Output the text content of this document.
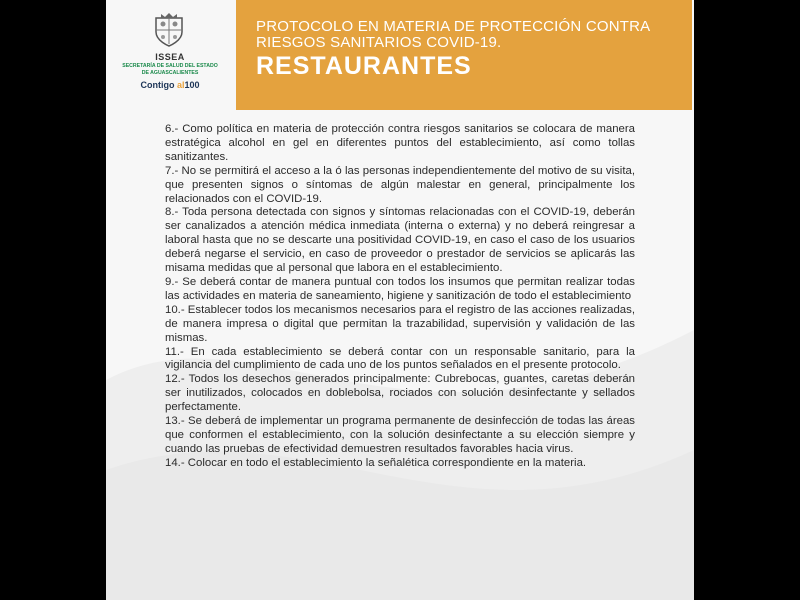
ISSEA
SECRETARÍA DE SALUD DEL ESTADO
DE AGUASCALIENTES
Contigo al100
PROTOCOLO EN MATERIA DE PROTECCIÓN CONTRA
RIESGOS SANITARIOS COVID-19.
RESTAURANTES

6.- Como política en materia de protección contra riesgos sanitarios se colocara de manera estratégica alcohol en gel en diferentes puntos del establecimiento, así como tollas sanitizantes.

7.- No se permitirá el acceso a la ó las personas independientemente del motivo de su visita, que presenten signos o síntomas de algún malestar en general, principalmente los relacionados con el COVID-19.

8.- Toda persona detectada con signos y síntomas relacionadas con el COVID-19, deberán ser canalizados a atención médica inmediata (interna o externa) y no deberá reingresar a laboral hasta que no se descarte una positividad COVID-19, en caso el caso de los usuarios deberá negarse el servicio, en caso de proveedor o prestador de servicios se aplicarás las misama medidas que al personal que labora en el establecimiento.

9.- Se deberá contar de manera puntual con todos los insumos que permitan realizar todas las actividades en materia de saneamiento, higiene y sanitización de todo el establecimiento

10.- Establecer todos los mecanismos necesarios para el registro de las acciones realizadas, de manera impresa o digital que permitan la trazabilidad, supervisión y validación de las mismas.

11.- En cada establecimiento se deberá contar con un responsable sanitario, para la vigilancia del cumplimiento de cada uno de los puntos señalados en el presente protocolo.

12.- Todos los desechos generados principalmente: Cubrebocas, guantes, caretas deberán ser inutilizados, colocados en doblebolsa, rociados con solución desinfectante y sellados perfectamente.

13.- Se deberá de implementar un programa permanente de desinfección de todas las áreas que conformen el establecimiento, con la solución desinfectante a su elección siempre y cuando las pruebas de efectividad demuestren resultados favorables hacia virus.

14.- Colocar en todo el establecimiento la señalética correspondiente en la materia.
